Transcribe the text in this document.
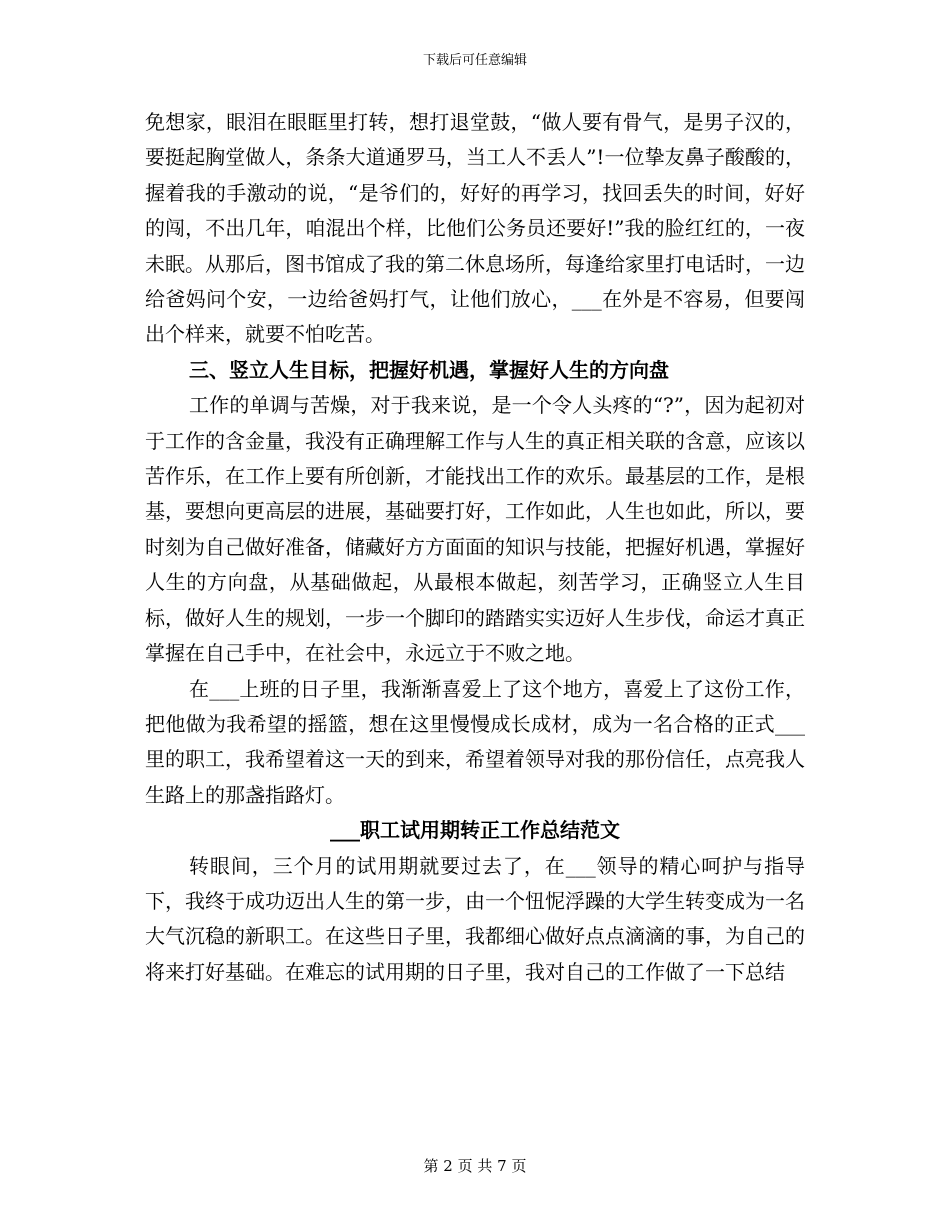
下载后可任意编辑

免想家，眼泪在眼眶里打转，想打退堂鼓，“做人要有骨气，是男子汉的，要挺起胸堂做人，条条大道通罗马，当工人不丢人”!一位挚友鼻子酸酸的，握着我的手激动的说，“是爷们的，好好的再学习，找回丢失的时间，好好的闯，不出几年，咱混出个样，比他们公务员还要好!”我的脸红红的，一夜未眠。从那后，图书馆成了我的第二休息场所，每逢给家里打电话时，一边给爸妈问个安，一边给爸妈打气，让他们放心，___在外是不容易，但要闯出个样来，就要不怕吃苦。

三、竖立人生目标，把握好机遇，掌握好人生的方向盘

工作的单调与苦燥，对于我来说，是一个令人头疼的“?”，因为起初对于工作的含金量，我没有正确理解工作与人生的真正相关联的含意，应该以苦作乐，在工作上要有所创新，才能找出工作的欢乐。最基层的工作，是根基，要想向更高层的进展，基础要打好，工作如此，人生也如此，所以，要时刻为自己做好准备，储藏好方方面面的知识与技能，把握好机遇，掌握好人生的方向盘，从基础做起，从最根本做起，刻苦学习，正确竖立人生目标，做好人生的规划，一步一个脚印的踏踏实实迈好人生步伐，命运才真正掌握在自己手中，在社会中，永远立于不败之地。

在___上班的日子里，我渐渐喜爱上了这个地方，喜爱上了这份工作，把他做为我希望的摇篮，想在这里慢慢成长成材，成为一名合格的正式___里的职工，我希望着这一天的到来，希望着领导对我的那份信任，点亮我人生路上的那盏指路灯。

___职工试用期转正工作总结范文

转眼间，三个月的试用期就要过去了，在___领导的精心呵护与指导下，我终于成功迈出人生的第一步，由一个忸怩浮躁的大学生转变成为一名大气沉稳的新职工。在这些日子里，我都细心做好点点滴滴的事，为自己的将来打好基础。在难忘的试用期的日子里，我对自己的工作做了一下总结

第 2 页 共 7 页
